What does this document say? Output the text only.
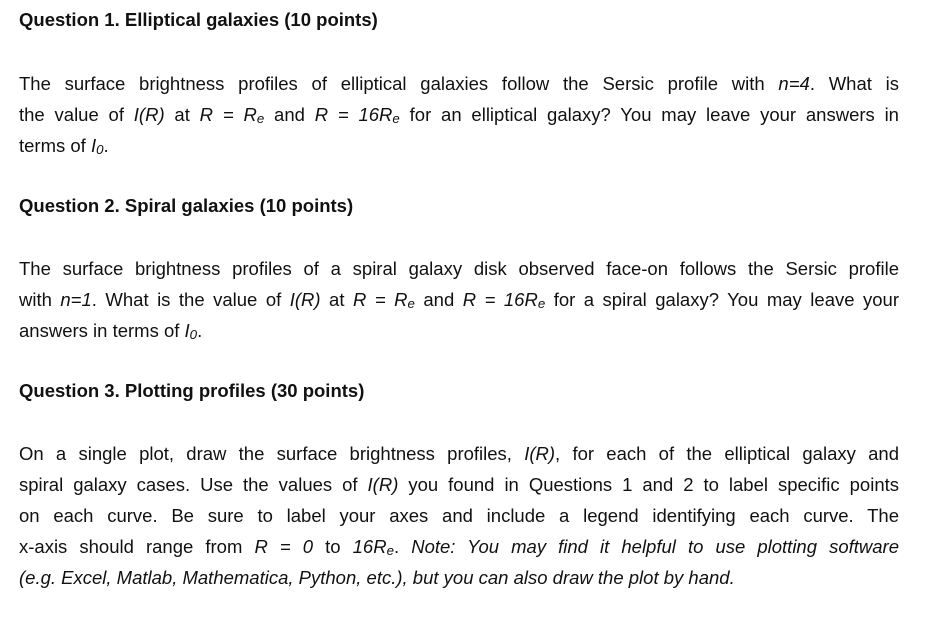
Question 1. Elliptical galaxies (10 points)
The surface brightness profiles of elliptical galaxies follow the Sersic profile with n=4. What is
the value of I(R) at $R = R_e$ and $R = 16R_e$ for an elliptical galaxy? You may leave your answers in
terms of $I_0$.
Question 2. Spiral galaxies (10 points)
The surface brightness profiles of a spiral galaxy disk observed face-on follows the Sersic profile
with n=1. What is the value of I(R) at $R = R_e$ and $R = 16R_e$ for a spiral galaxy? You may leave your
answers in terms of $I_0$.
Question 3. Plotting profiles (30 points)
On a single plot, draw the surface brightness profiles, I(R), for each of the elliptical galaxy and
spiral galaxy cases. Use the values of I(R) you found in Questions 1 and 2 to label specific points
on each curve. Be sure to label your axes and include a legend identifying each curve. The
x-axis should range from R = 0 to $16R_e$. Note: You may find it helpful to use plotting software
(e.g. Excel, Matlab, Mathematica, Python, etc.), but you can also draw the plot by hand.
